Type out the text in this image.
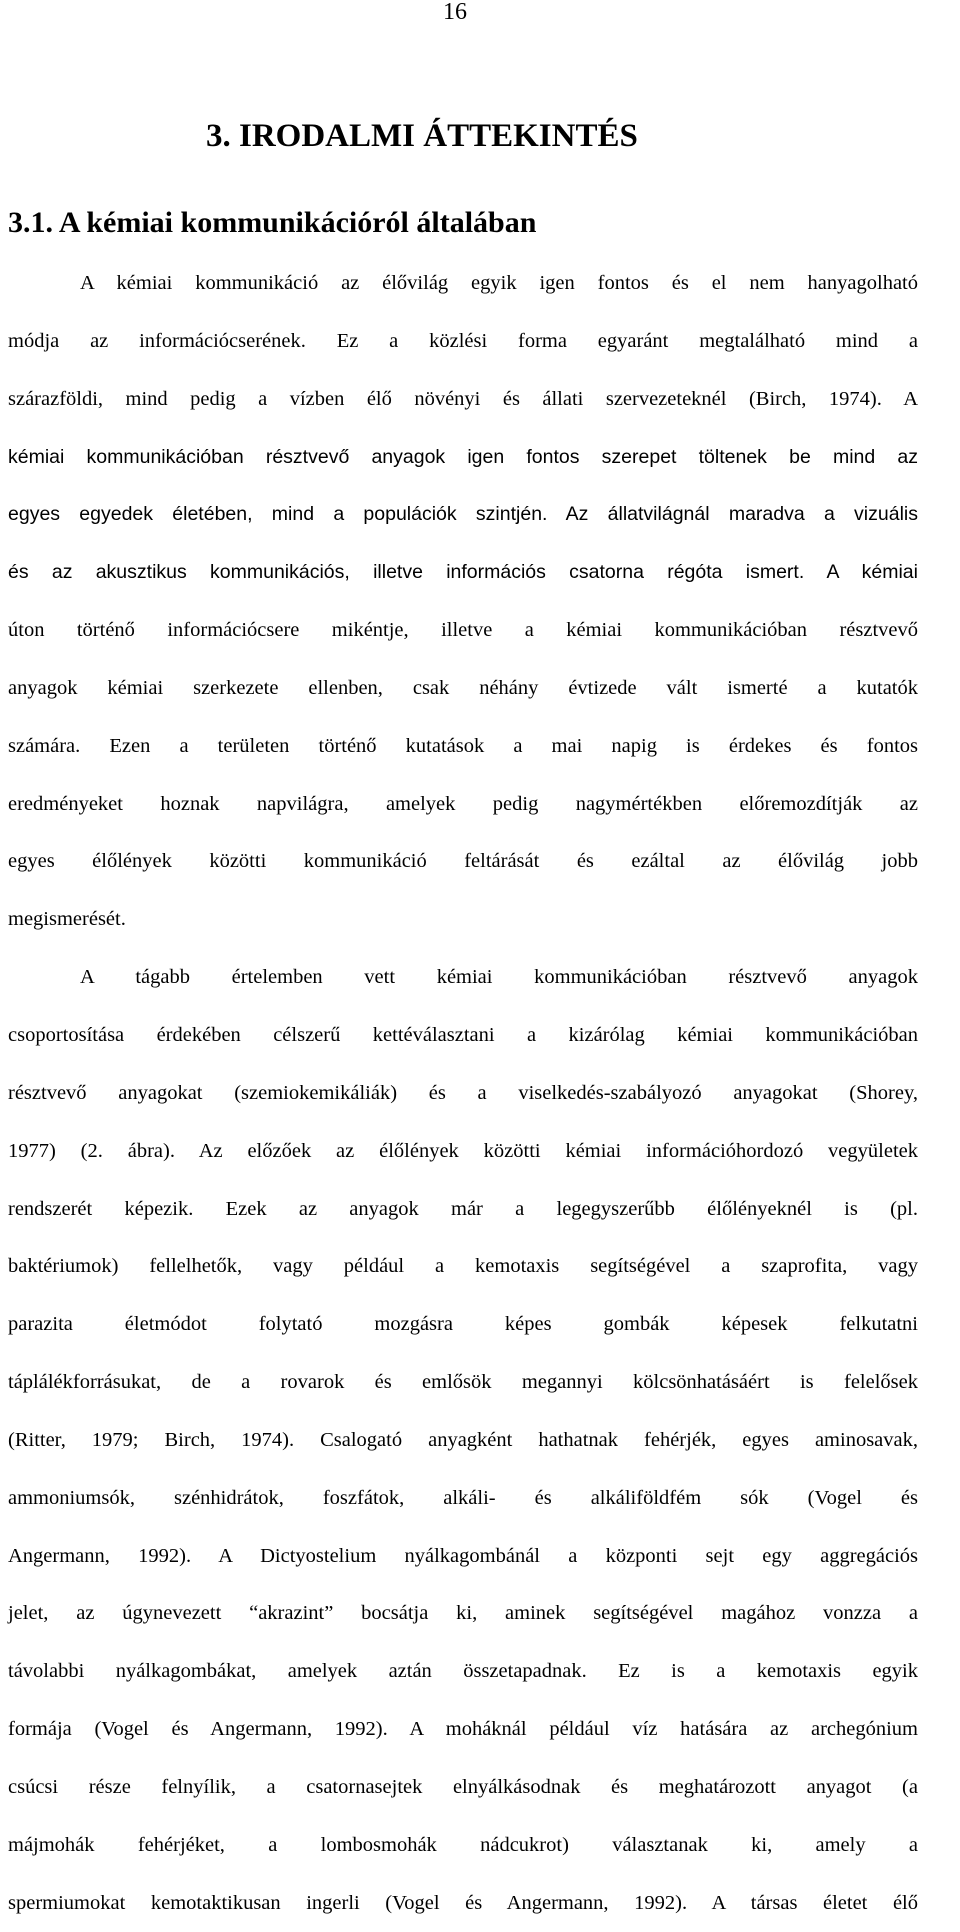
16
3. IRODALMI ÁTTEKINTÉS
3.1. A kémiai kommunikációról általában
A kémiai kommunikáció az élővilág egyik igen fontos és el nem hanyagolható
módja az információcserének. Ez a közlési forma egyaránt megtalálható mind a
szárazföldi, mind pedig a vízben élő növényi és állati szervezeteknél (Birch, 1974). A
kémiai kommunikációban résztvevő anyagok igen fontos szerepet töltenek be mind az
egyes egyedek életében, mind a populációk szintjén. Az állatvilágnál maradva a vizuális
és az akusztikus kommunikációs, illetve információs csatorna régóta ismert. A kémiai
úton történő információcsere mikéntje, illetve a kémiai kommunikációban résztvevő
anyagok kémiai szerkezete ellenben, csak néhány évtizede vált ismerté a kutatók
számára. Ezen a területen történő kutatások a mai napig is érdekes és fontos
eredményeket hoznak napvilágra, amelyek pedig nagymértékben előremozdítják az
egyes élőlények közötti kommunikáció feltárását és ezáltal az élővilág jobb
megismerését.
A tágabb értelemben vett kémiai kommunikációban résztvevő anyagok
csoportosítása érdekében célszerű kettéválasztani a kizárólag kémiai kommunikációban
résztvevő anyagokat (szemiokemikáliák) és a viselkedés-szabályozó anyagokat (Shorey,
1977) (2. ábra). Az előzőek az élőlények közötti kémiai információhordozó vegyületek
rendszerét képezik. Ezek az anyagok már a legegyszerűbb élőlényeknél is (pl.
baktériumok) fellelhetők, vagy például a kemotaxis segítségével a szaprofita, vagy
parazita életmódot folytató mozgásra képes gombák képesek felkutatni
táplálékforrásukat, de a rovarok és emlősök megannyi kölcsönhatásáért is felelősek
(Ritter, 1979; Birch, 1974). Csalogató anyagként hathatnak fehérjék, egyes aminosavak,
ammoniumsók, szénhidrátok, foszfátok, alkáli- és alkáliföldfém sók (Vogel és
Angermann, 1992). A Dictyostelium nyálkagombánál a központi sejt egy aggregációs
jelet, az úgynevezett “akrazint” bocsátja ki, aminek segítségével magához vonzza a
távolabbi nyálkagombákat, amelyek aztán összetapadnak. Ez is a kemotaxis egyik
formája (Vogel és Angermann, 1992). A moháknál például víz hatására az archegónium
csúcsi része felnyílik, a csatornasejtek elnyálkásodnak és meghatározott anyagot (a
májmohák fehérjéket, a lombosmohák nádcukrot) választanak ki, amely a
spermiumokat kemotaktikusan ingerli (Vogel és Angermann, 1992). A társas életet élő
